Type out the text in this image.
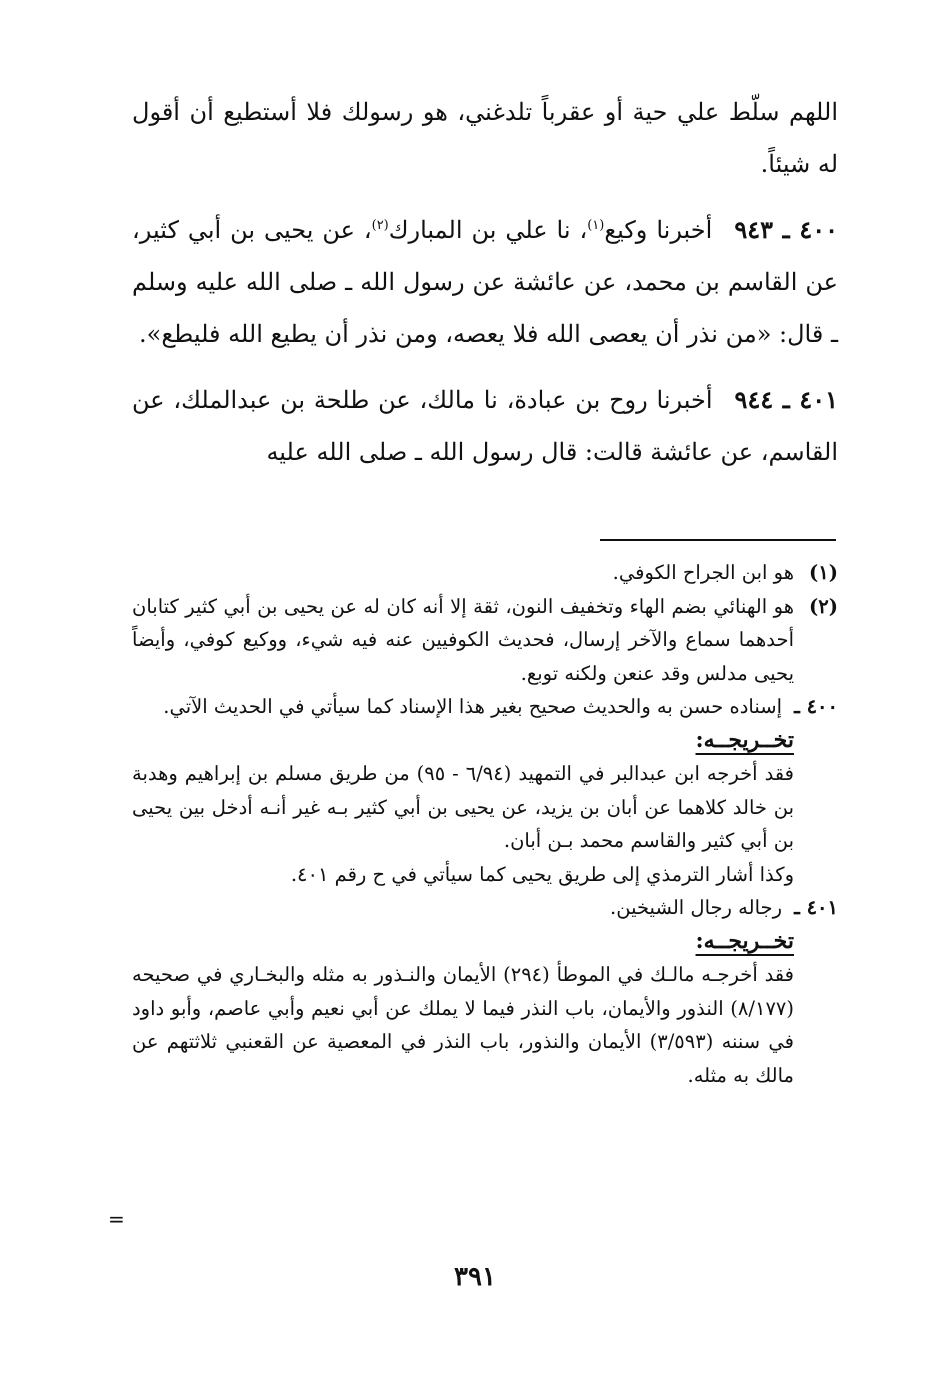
اللهم سلّط علي حية أو عقرباً تلدغني، هو رسولك فلا أستطيع أن أقول له شيئاً.

٤٠٠ ـ ٩٤٣أخبرنا وكيع$^{(١)}$، نا علي بن المبارك$^{(٢)}$، عن يحيى بن أبي كثير، عن القاسم بن محمد، عن عائشة عن رسول الله ـ صلى الله عليه وسلم ـ قال: «من نذر أن يعصى الله فلا يعصه، ومن نذر أن يطيع الله فليطع».

٤٠١ ـ ٩٤٤أخبرنا روح بن عبادة، نا مالك، عن طلحة بن عبدالملك، عن القاسم، عن عائشة قالت: قال رسول الله ـ صلى الله عليه

(١)

هو ابن الجراح الكوفي.

(٢)

هو الهنائي بضم الهاء وتخفيف النون، ثقة إلا أنه كان له عن يحيى بن أبي كثير كتابان أحدهما سماع والآخر إرسال، فحديث الكوفيين عنه فيه شيء، ووكيع كوفي، وأيضاً يحيى مدلس وقد عنعن ولكنه توبع.

٤٠٠ ـ

إسناده حسن به والحديث صحيح بغير هذا الإسناد كما سيأتي في الحديث الآتي.

تخــريجــه:

فقد أخرجه ابن عبدالبر في التمهيد (٦/٩٤ - ٩٥) من طريق مسلم بن إبراهيم وهدبة بن خالد كلاهما عن أبان بن يزيد، عن يحيى بن أبي كثير بـه غير أنـه أدخل بين يحيى بن أبي كثير والقاسم محمد بـن أبان.

وكذا أشار الترمذي إلى طريق يحيى كما سيأتي في ح رقم ٤٠١.

٤٠١ ـ

رجاله رجال الشيخين.

تخــريجــه:

فقد أخرجـه مالـك في الموطأ (٢٩٤) الأيمان والنـذور به مثله والبخـاري في صحيحه (٨/١٧٧) النذور والأيمان، باب النذر فيما لا يملك عن أبي نعيم وأبي عاصم، وأبو داود في سننه (٣/٥٩٣) الأيمان والنذور، باب النذر في المعصية عن القعنبي ثلاثتهم عن مالك به مثله.

=
٣٩١
